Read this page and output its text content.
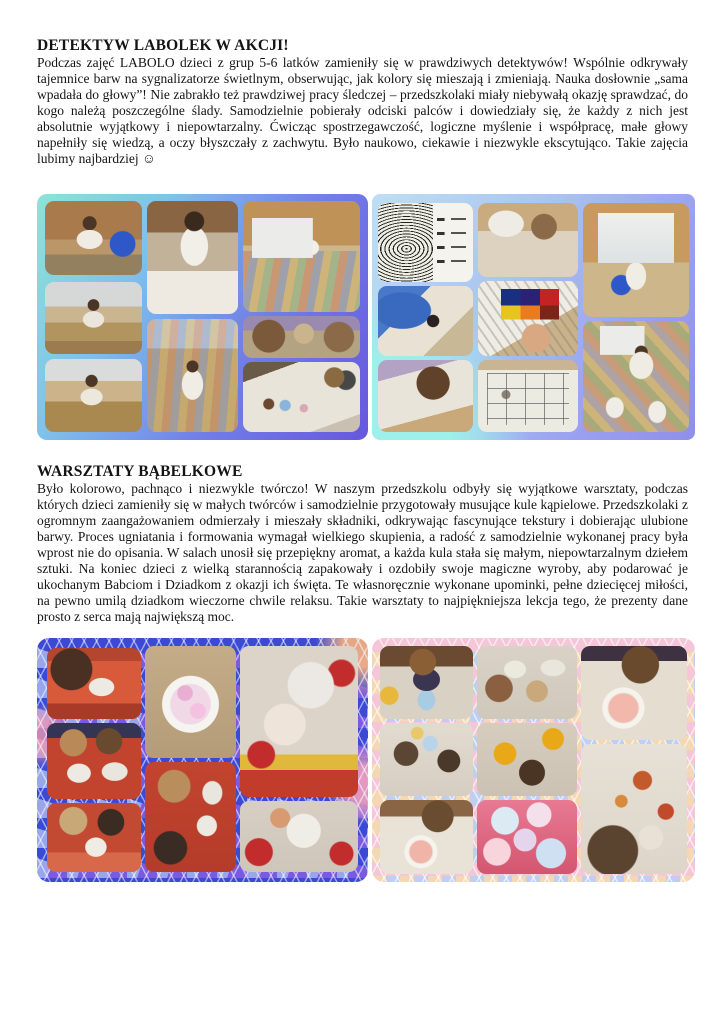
DETEKTYW LABOLEK W AKCJI!

Podczas zajęć LABOLO dzieci z grup 5-6 latków zamieniły się w prawdziwych detektywów! Wspólnie odkrywały tajemnice barw na sygnalizatorze świetlnym, obserwując, jak kolory się mieszają i zmieniają. Nauka dosłownie „sama wpadała do głowy”! Nie zabrakło też prawdziwej pracy śledczej – przedszkolaki miały niebywałą okazję sprawdzać, do kogo należą poszczególne ślady. Samodzielnie pobierały odciski palców i dowiedziały się, że każdy z nich jest absolutnie wyjątkowy i niepowtarzalny. Ćwicząc spostrzegawczość, logiczne myślenie i współpracę, małe głowy napełniły się wiedzą, a oczy błyszczały z zachwytu. Było naukowo, ciekawie i niezwykle ekscytująco. Takie zajęcia lubimy najbardziej ☺

WARSZTATY BĄBELKOWE

Było kolorowo, pachnąco i niezwykle twórczo! W naszym przedszkolu odbyły się wyjątkowe warsztaty, podczas których dzieci zamieniły się w małych twórców i samodzielnie przygotowały musujące kule kąpielowe. Przedszkolaki z ogromnym zaangażowaniem odmierzały i mieszały składniki, odkrywając fascynujące tekstury i dobierając ulubione barwy. Proces ugniatania i formowania wymagał wielkiego skupienia, a radość z samodzielnie wykonanej pracy była wprost nie do opisania. W salach unosił się przepiękny aromat, a każda kula stała się małym, niepowtarzalnym dziełem sztuki. Na koniec dzieci z wielką starannością zapakowały i ozdobiły swoje magiczne wyroby, aby podarować je ukochanym Babciom i Dziadkom z okazji ich święta. Te własnoręcznie wykonane upominki, pełne dziecięcej miłości, na pewno umilą dziadkom wieczorne chwile relaksu. Takie warsztaty to najpiękniejsza lekcja tego, że prezenty dane prosto z serca mają największą moc.
